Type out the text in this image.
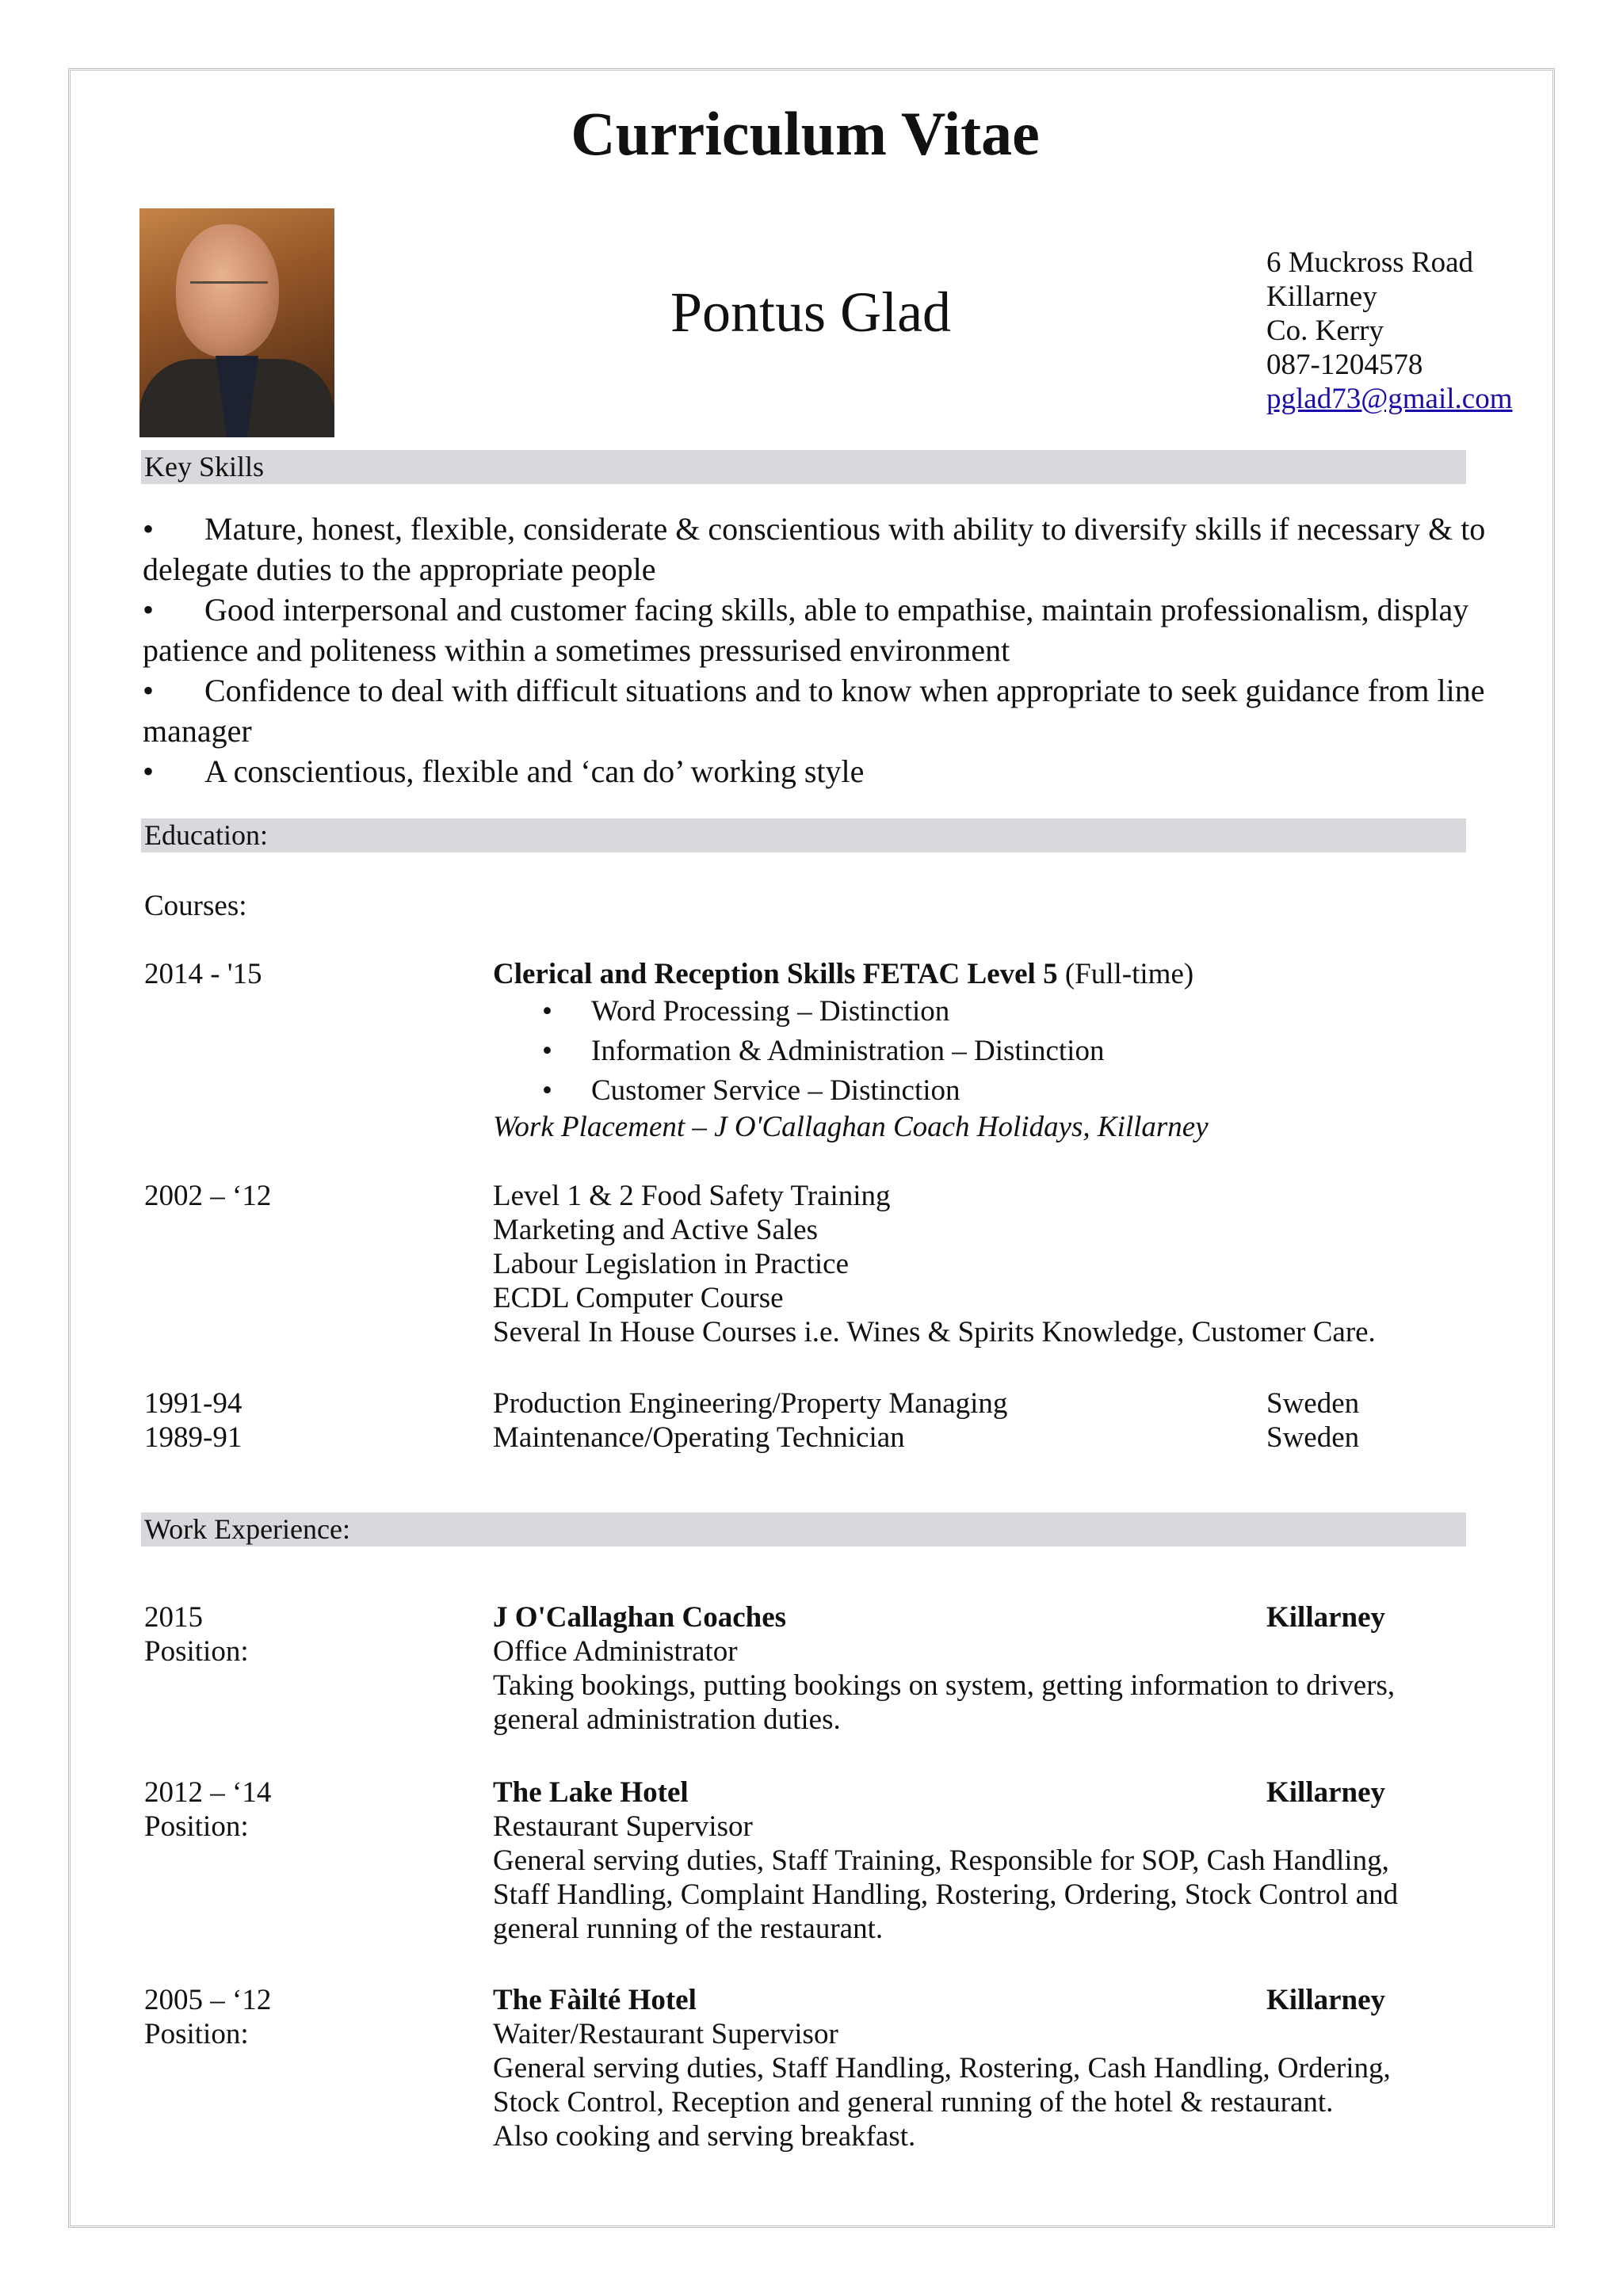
Curriculum Vitae
Pontus Glad
6 Muckross Road
Killarney
Co. Kerry
087-1204578
pglad73@gmail.com
Key Skills
• Mature, honest, flexible, considerate & conscientious with ability to diversify skills if necessary & to delegate duties to the appropriate people
• Good interpersonal and customer facing skills, able to empathise, maintain professionalism, display patience and politeness within a sometimes pressurised environment
• Confidence to deal with difficult situations and to know when appropriate to seek guidance from line manager
• A conscientious, flexible and ‘can do’ working style
Education:
Courses:
2014 - '15	Clerical and Reception Skills FETAC Level 5 (Full-time)
• Word Processing – Distinction
• Information & Administration – Distinction
• Customer Service – Distinction
Work Placement – J O'Callaghan Coach Holidays, Killarney
2002 – ‘12	Level 1 & 2 Food Safety Training
Marketing and Active Sales
Labour Legislation in Practice
ECDL Computer Course
Several In House Courses i.e. Wines & Spirits Knowledge, Customer Care.
1991-94	Production Engineering/Property Managing	Sweden
1989-91	Maintenance/Operating Technician	Sweden
Work Experience:
2015	J O'Callaghan Coaches	Killarney
Position:	Office Administrator
Taking bookings, putting bookings on system, getting information to drivers,
general administration duties.
2012 – ‘14	The Lake Hotel	Killarney
Position:	Restaurant Supervisor
General serving duties, Staff Training, Responsible for SOP, Cash Handling,
Staff Handling, Complaint Handling, Rostering, Ordering, Stock Control and
general running of the restaurant.
2005 – ‘12	The Fàilté Hotel	Killarney
Position:	Waiter/Restaurant Supervisor
General serving duties, Staff Handling, Rostering, Cash Handling, Ordering,
Stock Control, Reception and general running of the hotel & restaurant.
Also cooking and serving breakfast.
